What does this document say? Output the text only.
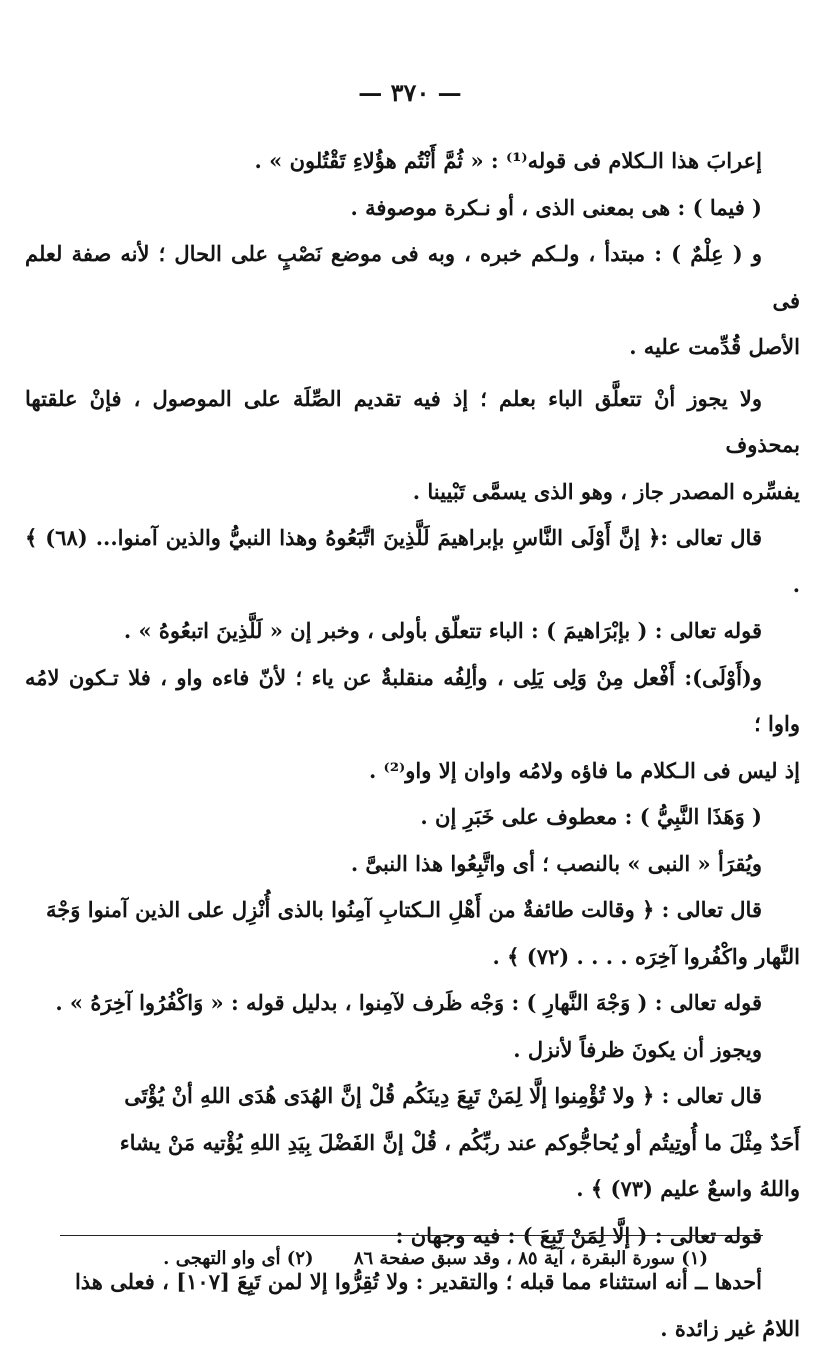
— ٣٧٠ —

إعرابَ هذا الـكلام فى قوله⁽¹⁾ : « ثُمَّ أَنْتُم هؤُلاءِ تَقْتُلون » .

( فيما ) : هى بمعنى الذى ، أو نـكرة موصوفة .

و ( عِلْمٌ ) : مبتدأ ، ولـكم خبره ، وبه فى موضع نَصْبٍ على الحال ؛ لأنه صفة لعلم فى

الأصل قُدِّمت عليه .

ولا يجوز أنْ تتعلَّق الباء بعلم ؛ إذ فيه تقديم الصِّلَة على الموصول ، فإنْ علقتها بمحذوف

يفسِّره المصدر جاز ، وهو الذى يسمَّى تَبْيينا .

قال تعالى :﴿ إنَّ أَوْلَى النَّاسِ بإبراهيمَ لَلَّذِينَ اتَّبَعُوهُ وهذا النبيُّ والذين آمنوا... (٦٨) ﴾ .

قوله تعالى : ( بإبْرَاهيمَ ) : الباء تتعلّق بأولى ، وخبر إن « لَلَّذِينَ اتبعُوهُ » .

و(أَوْلَى): أَفْعل مِنْ وَلِى يَلِى ، وألِفُه منقلبةٌ عن ياء ؛ لأنّ فاءه واو ، فلا تـكون لامُه واوا ؛

إذ ليس فى الـكلام ما فاؤه ولامُه واوان إلا واو⁽²⁾ .

( وَهَذَا النَّبِيُّ ) : معطوف على خَبَرِ إن .

ويُقرَأ « النبى » بالنصب ؛ أى واتَّبِعُوا هذا النبىَّ .

قال تعالى : ﴿ وقالت طائفةٌ من أَهْلِ الـكتابِ آمِنُوا بالذى أُنْزِل على الذين آمنوا وَجْهَ

النَّهار واكْفُروا آخِرَه . . . . (٧٢) ﴾ .

قوله تعالى : ( وَجْهَ النَّهارِ ) : وَجْه ظَرف لآمِنوا ، بدليل قوله : « وَاكْفُرُوا آخِرَهُ » .

ويجوز أن يكونَ ظرفاً لأنزل .

قال تعالى : ﴿ ولا تُؤْمِنوا إلَّا لِمَنْ تَبِعَ دِينَكُم قُلْ إنَّ الهُدَى هُدَى اللهِ أنْ يُؤْتَى

أَحَدٌ مِثْلَ ما أُوتِيتُم أو يُحاجُّوكم عند ربِّكُم ، قُلْ إنَّ الفَضْلَ بِيَدِ اللهِ يُؤْتيه مَنْ يشاء

واللهُ واسعٌ عليم (٧٣) ﴾ .

قوله تعالى : ( إلَّا لِمَنْ تَبِعَ ) : فيه وجهان :

أحدها ــ أنه استثناء مما قبله ؛ والتقدير : ولا تُقِرُّوا إلا لمن تَبِعَ [١٠٧] ، فعلى هذا

اللامُ غير زائدة .

(١) سورة البقرة ، آية ٨٥ ، وقد سبق صفحة ٨٦ (٢) أى واو التهجى .
